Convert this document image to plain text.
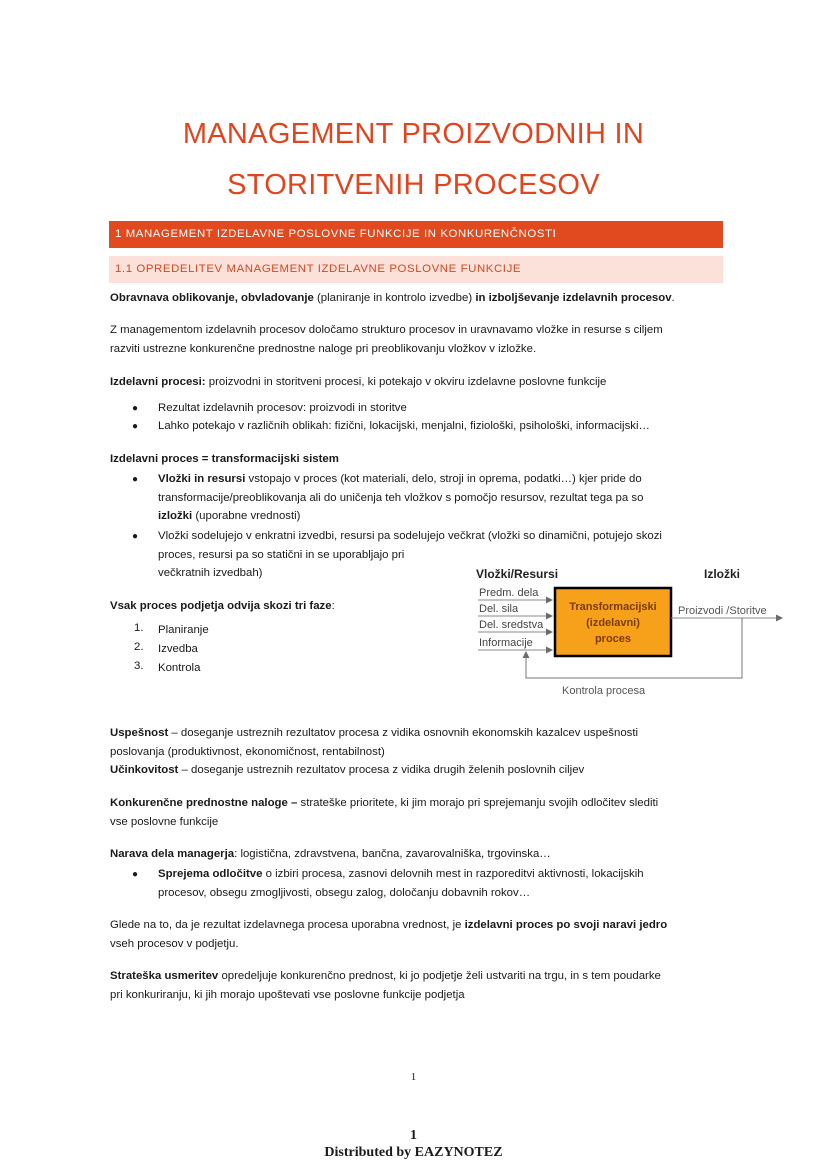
MANAGEMENT PROIZVODNIH IN
STORITVENIH PROCESOV
1 MANAGEMENT IZDELAVNE POSLOVNE FUNKCIJE IN KONKURENČNOSTI
1.1 OPREDELITEV MANAGEMENT IZDELAVNE POSLOVNE FUNKCIJE
Obravnava oblikovanje, obvladovanje (planiranje in kontrolo izvedbe) in izboljševanje izdelavnih procesov.
Z managementom izdelavnih procesov določamo strukturo procesov in uravnavamo vložke in resurse s ciljem
razviti ustrezne konkurenčne prednostne naloge pri preoblikovanju vložkov v izložke.
Izdelavni procesi: proizvodni in storitveni procesi, ki potekajo v okviru izdelavne poslovne funkcije
● Rezultat izdelavnih procesov: proizvodi in storitve
● Lahko potekajo v različnih oblikah: fizični, lokacijski, menjalni, fiziološki, psihološki, informacijski…
Izdelavni proces = transformacijski sistem
● Vložki in resursi vstopajo v proces (kot materiali, delo, stroji in oprema, podatki…) kjer pride do
transformacije/preoblikovanja ali do uničenja teh vložkov s pomočjo resursov, rezultat tega pa so
izložki (uporabne vrednosti)
● Vložki sodelujejo v enkratni izvedbi, resursi pa sodelujejo večkrat (vložki so dinamični, potujejo skozi
proces, resursi pa so statični in se uporabljajo pri
večkratnih izvedbah)
Vsak proces podjetja odvija skozi tri faze:
1. Planiranje
2. Izvedba
3. Kontrola
Vložki/Resursi	Izložki
Predm. dela
Del. sila
Del. sredstva
Informacije
Transformacijski
(izdelavni)
proces
Proizvodi /Storitve
Kontrola procesa
Uspešnost – doseganje ustreznih rezultatov procesa z vidika osnovnih ekonomskih kazalcev uspešnosti
poslovanja (produktivnost, ekonomičnost, rentabilnost)
Učinkovitost – doseganje ustreznih rezultatov procesa z vidika drugih želenih poslovnih ciljev
Konkurenčne prednostne naloge – strateške prioritete, ki jim morajo pri sprejemanju svojih odločitev slediti
vse poslovne funkcije
Narava dela managerja: logistična, zdravstvena, bančna, zavarovalniška, trgovinska…
● Sprejema odločitve o izbiri procesa, zasnovi delovnih mest in razporeditvi aktivnosti, lokacijskih
procesov, obsegu zmogljivosti, obsegu zalog, določanju dobavnih rokov…
Glede na to, da je rezultat izdelavnega procesa uporabna vrednost, je izdelavni proces po svoji naravi jedro
vseh procesov v podjetju.
Strateška usmeritev opredeljuje konkurenčno prednost, ki jo podjetje želi ustvariti na trgu, in s tem poudarke
pri konkuriranju, ki jih morajo upoštevati vse poslovne funkcije podjetja
1
1
Distributed by EAZYNOTEZ
